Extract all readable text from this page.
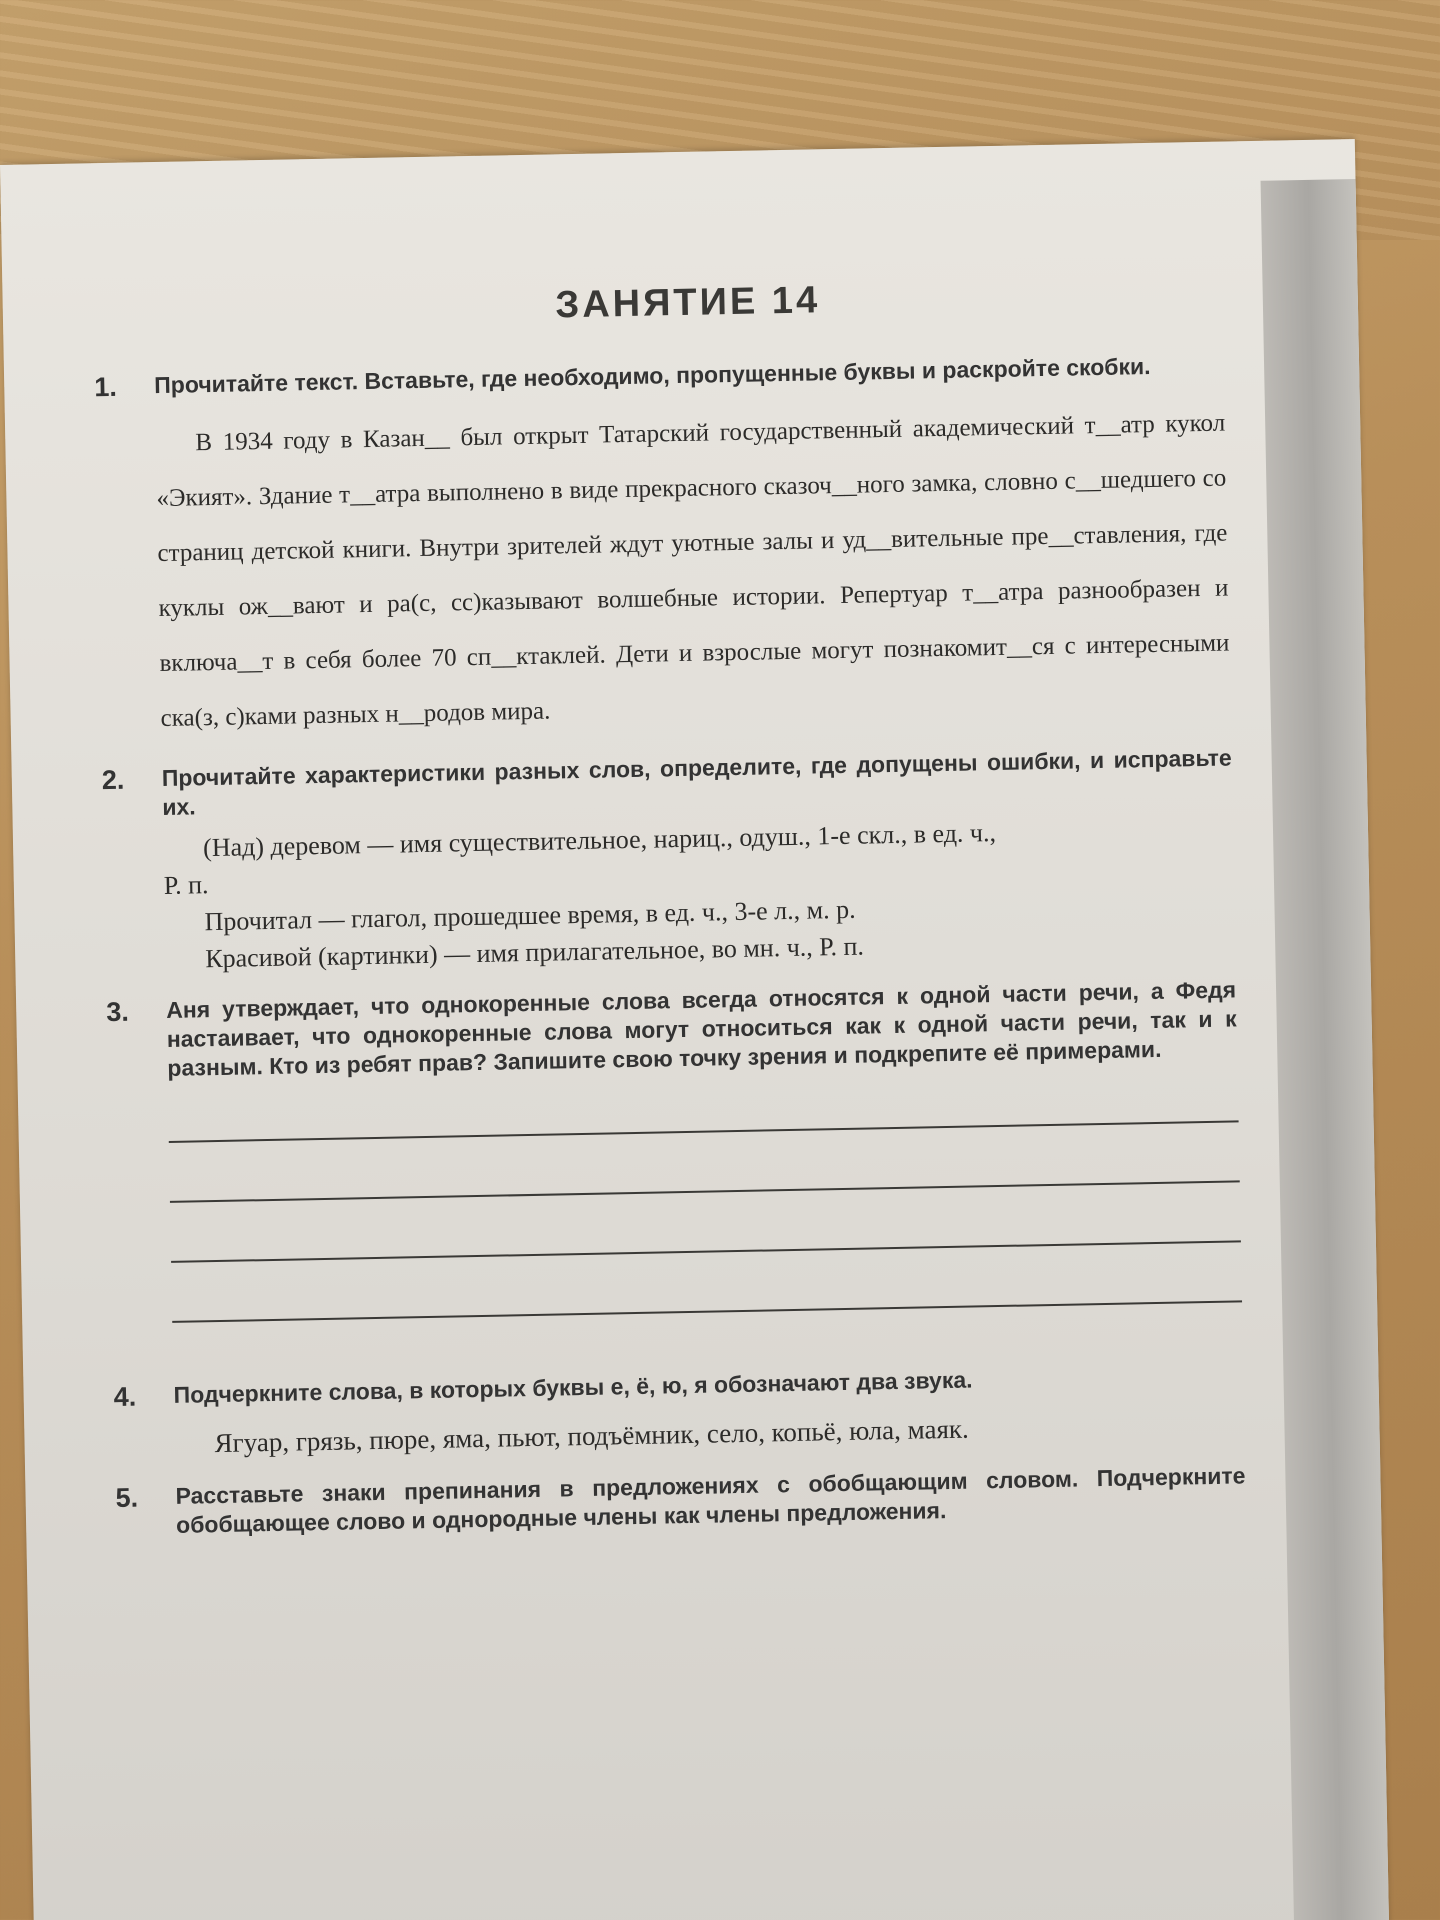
ЗАНЯТИЕ 14
1.	Прочитайте текст. Вставьте, где необходимо, пропущенные буквы и раскройте скобки.
В 1934 году в Казан__ был открыт Татарский государственный академический т__атр кукол «Экият». Здание т__атра выполнено в виде прекрасного сказоч__ного замка, словно с__шедшего со страниц детской книги. Внутри зрителей ждут уютные залы и уд__вительные пре__ставления, где куклы ож__вают и ра(с, сс)казывают волшебные истории. Репертуар т__атра разнообразен и включа__т в себя более 70 сп__ктаклей. Дети и взрослые могут познакомит__ся с интересными ска(з, с)ками разных н__родов мира.
2.	Прочитайте характеристики разных слов, определите, где допущены ошибки, и исправьте их.
(Над) деревом — имя существительное, нариц., одуш., 1-е скл., в ед. ч.,
Р. п.
Прочитал — глагол, прошедшее время, в ед. ч., 3-е л., м. р.
Красивой (картинки) — имя прилагательное, во мн. ч., Р. п.
3.	Аня утверждает, что однокоренные слова всегда относятся к одной части речи, а Федя настаивает, что однокоренные слова могут относиться как к одной части речи, так и к разным. Кто из ребят прав? Запишите свою точку зрения и подкрепите её примерами.
4.	Подчеркните слова, в которых буквы е, ё, ю, я обозначают два звука.
Ягуар, грязь, пюре, яма, пьют, подъёмник, село, копьё, юла, маяк.
5.	Расставьте знаки препинания в предложениях с обобщающим словом. Подчеркните обобщающее слово и однородные члены как члены предложения.
